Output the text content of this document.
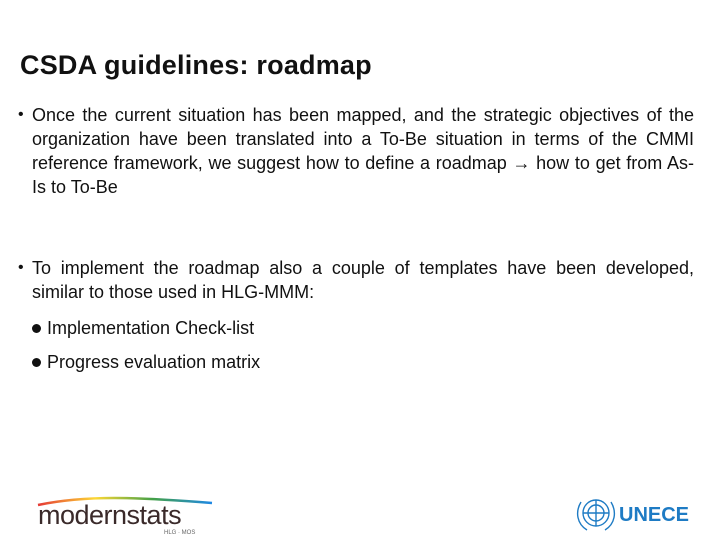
CSDA guidelines: roadmap
• Once the current situation has been mapped, and the strategic objectives of the organization have been translated into a To-Be situation in terms of the CMMI reference framework, we suggest how to define a roadmap → how to get from As-Is to To-Be
• To implement the roadmap also a couple of templates have been developed, similar to those used in HLG-MMM:
Implementation Check-list
Progress evaluation matrix
modernstats
HLG · MOS
UNECE
